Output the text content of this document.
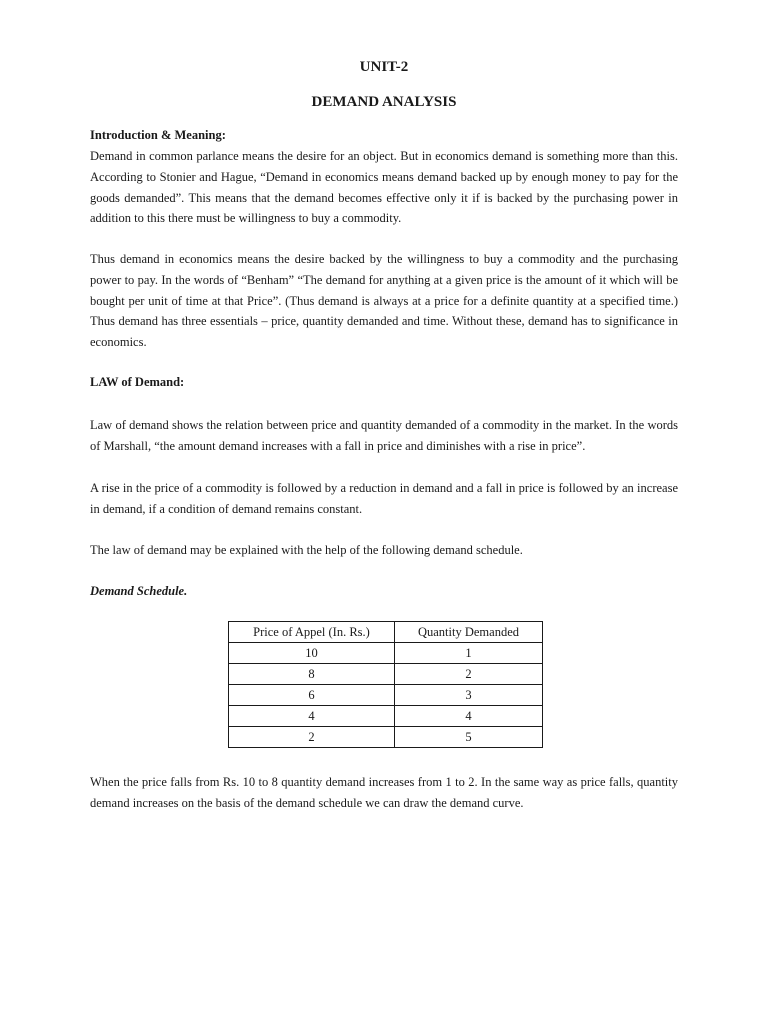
UNIT-2
DEMAND ANALYSIS

Introduction & Meaning:

Demand in common parlance means the desire for an object. But in economics demand is something more than this. According to Stonier and Hague, “Demand in economics means demand backed up by enough money to pay for the goods demanded”. This means that the demand becomes effective only it if is backed by the purchasing power in addition to this there must be willingness to buy a commodity.

Thus demand in economics means the desire backed by the willingness to buy a commodity and the purchasing power to pay. In the words of “Benham” “The demand for anything at a given price is the amount of it which will be bought per unit of time at that Price”. (Thus demand is always at a price for a definite quantity at a specified time.) Thus demand has three essentials – price, quantity demanded and time. Without these, demand has to significance in economics.

LAW of Demand:

Law of demand shows the relation between price and quantity demanded of a commodity in the market. In the words of Marshall, “the amount demand increases with a fall in price and diminishes with a rise in price”.

A rise in the price of a commodity is followed by a reduction in demand and a fall in price is followed by an increase in demand, if a condition of demand remains constant.

The law of demand may be explained with the help of the following demand schedule.

Demand Schedule.

Price of Appel (In. Rs.)	Quantity Demanded
10	1
8	2
6	3
4	4
2	5

When the price falls from Rs. 10 to 8 quantity demand increases from 1 to 2. In the same way as price falls, quantity demand increases on the basis of the demand schedule we can draw the demand curve.
